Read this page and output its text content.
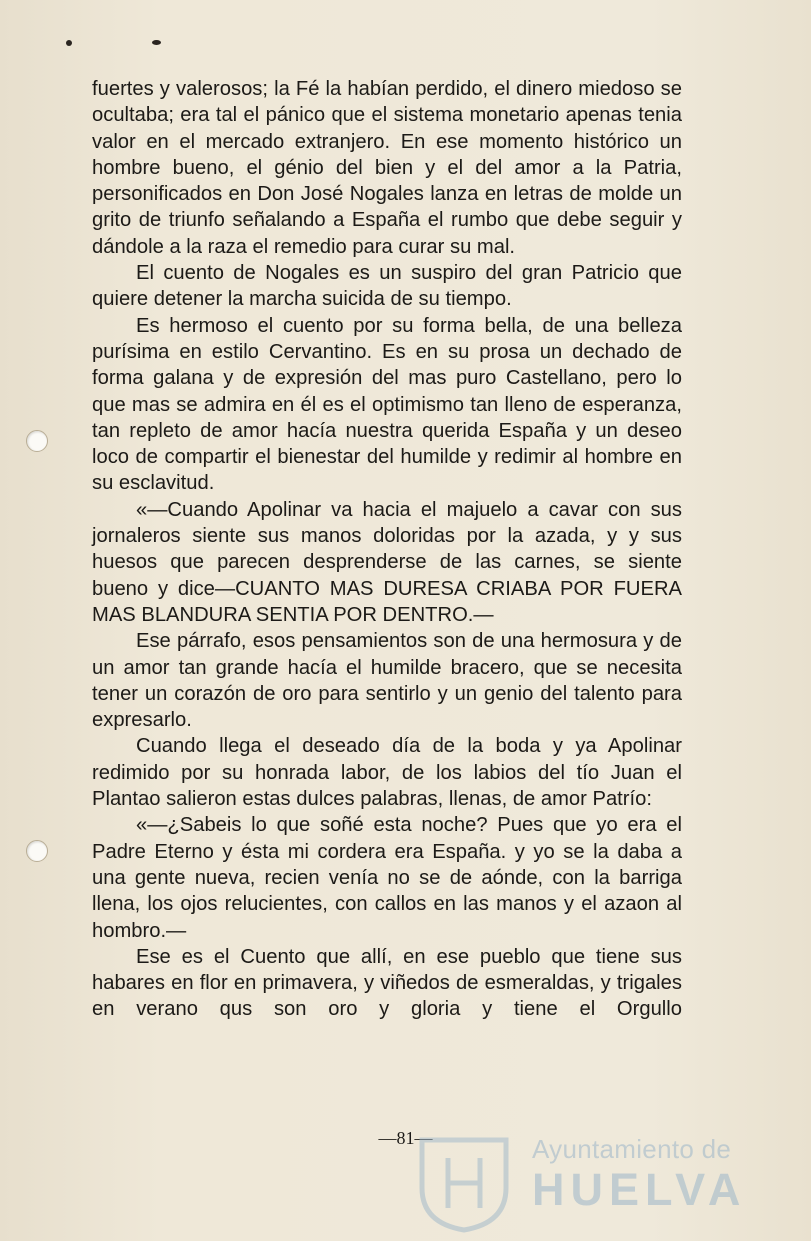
fuertes y valerosos; la Fé la habían perdido, el dinero miedoso se ocultaba; era tal el pánico que el sistema monetario apenas tenia valor en el mercado extranjero. En ese momento histórico un hombre bueno, el génio del bien y el del amor a la Patria, personificados en Don José Nogales lanza en letras de molde un grito de triunfo señalando a España el rumbo que debe seguir y dándole a la raza el remedio para curar su mal.

El cuento de Nogales es un suspiro del gran Patricio que quiere detener la marcha suicida de su tiempo.

Es hermoso el cuento por su forma bella, de una belleza purísima en estilo Cervantino. Es en su prosa un dechado de forma galana y de expresión del mas puro Castellano, pero lo que mas se admira en él es el optimismo tan lleno de esperanza, tan repleto de amor hacía nuestra querida España y un deseo loco de compartir el bienestar del humilde y redimir al hombre en su esclavitud.

«—Cuando Apolinar va hacia el majuelo a cavar con sus jornaleros siente sus manos doloridas por la azada, y y sus huesos que parecen desprenderse de las carnes, se siente bueno y dice—CUANTO MAS DURESA CRIABA POR FUERA MAS BLANDURA SENTIA POR DENTRO.—

Ese párrafo, esos pensamientos son de una hermosura y de un amor tan grande hacía el humilde bracero, que se necesita tener un corazón de oro para sentirlo y un genio del talento para expresarlo.

Cuando llega el deseado día de la boda y ya Apolinar redimido por su honrada labor, de los labios del tío Juan el Plantao salieron estas dulces palabras, llenas, de amor Patrío:

«—¿Sabeis lo que soñé esta noche? Pues que yo era el Padre Eterno y ésta mi cordera era España. y yo se la daba a una gente nueva, recien venía no se de aónde, con la barriga llena, los ojos relucientes, con callos en las manos y el azaon al hombro.—

Ese es el Cuento que allí, en ese pueblo que tiene sus habares en flor en primavera, y viñedos de esmeraldas, y trigales en verano qus son oro y gloria y tiene el Orgullo

—81—	Ayuntamiento de
HUELVA
